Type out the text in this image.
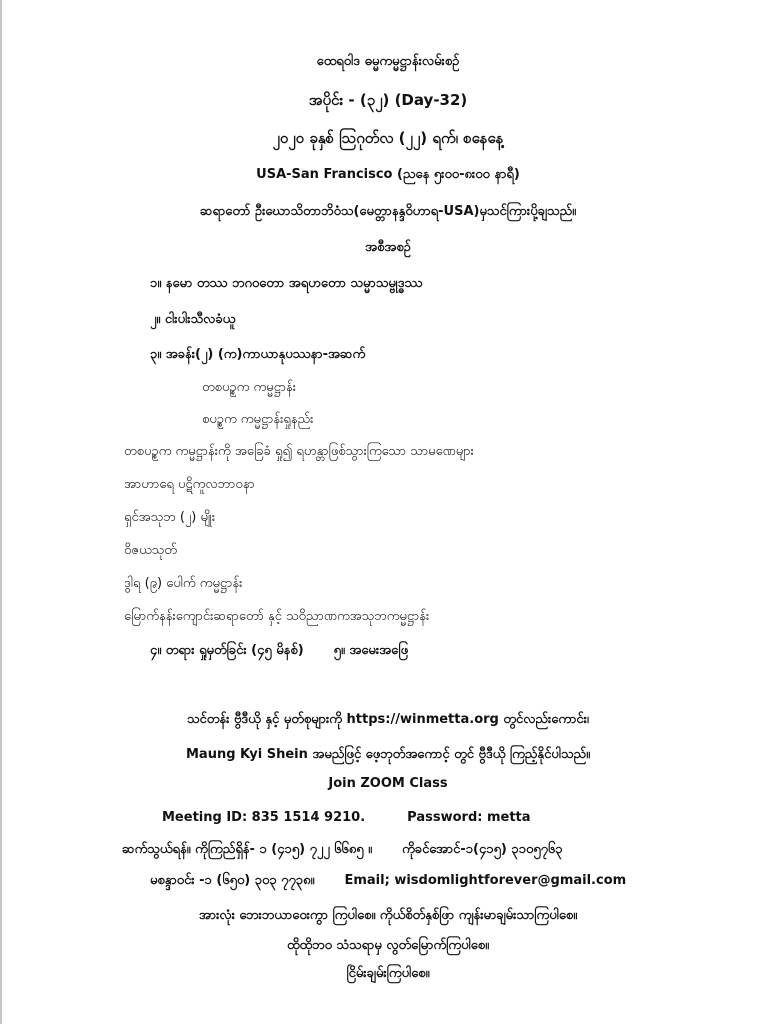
ထေရဝါဒ ဓမ္မကမ္မဋ္ဌာန်းလမ်းစဥ်
အပိုင်း - (၃၂) (Day-32)
၂၀၂၀ ခုနှစ် ဩဂုတ်လ (၂၂) ရက်၊ စနေနေ့
USA-San Francisco (ညနေ ၅း၀၀-၈း၀၀ နာရီ)
ဆရာတော် ဦးဃောသိတာဘိဝံသ(မေတ္တာနန္ဒဝိဟာရ-USA)မှသင်ကြားပို့ချသည်။
အစီအစဥ်
၁။ နမော တဿ ဘဂဝတော အရဟတော သမ္မာသမ္ဗုဒ္ဓဿ
၂။ ငါးပါးသီလခံယူ
၃။ အခန်း(၂) (က)ကာယာနုပဿနာ-အဆက်
တစပဥ္စက ကမ္မဋ္ဌာန်း
စပဥ္စက ကမ္မဋ္ဌာန်းရှုနည်း
တစပဥ္စက ကမ္မဋ္ဌာန်းကို အခြေခံ ရှု၍ ရဟန္တာဖြစ်သွားကြသော သာမဏေများ
အာဟာရေ ပဋိကူလဘာဝနာ
ရှင်အသုဘ (၂) မျိုး
ဝိဇယသုတ်
ဒွါရ (၉) ပေါက် ကမ္မဋ္ဌာန်း
မြောက်နန်းကျောင်းဆရာတော် နှင့် သဝိညာဏကအသုဘကမ္မဋ္ဌာန်း
၄။ တရား ရှုမှတ်ခြင်း (၄၅ မိနစ်) ၅။ အမေးအဖြေ
သင်တန်း ဗွီဒီယို နှင့် မှတ်စုများကို https://winmetta.org တွင်လည်းကောင်း၊
Maung Kyi Shein အမည်ဖြင့် ဖေ့ဘုတ်အကောင့် တွင် ဗွီဒီယို ကြည့်နိုင်ပါသည်။
Join ZOOM Class
Meeting ID: 835 1514 9210.	Password: metta
ဆက်သွယ်ရန်။ ကိုကြည်ရှိန်- ၁ (၄၁၅) ၇၂၂ ၆၆၈၅ ။ ကိုခင်အောင်-၁(၄၁၅) ၃၁၀၅၇၆၃
မစန္ဒာဝင်း -၁ (၆၅၀) ၃၀၃ ၇၇၃၈။ Email; wisdomlightforever@gmail.com
အားလုံး ဘေးဘယာဝေးကွာ ကြပါစေ။ ကိုယ်စိတ်နှစ်ဖြာ ကျန်းမာချမ်းသာကြပါစေ။
ထိုထိုဘဝ သံသရာမှ လွတ်မြောက်ကြပါစေ။
ငြိမ်းချမ်းကြပါစေ။
